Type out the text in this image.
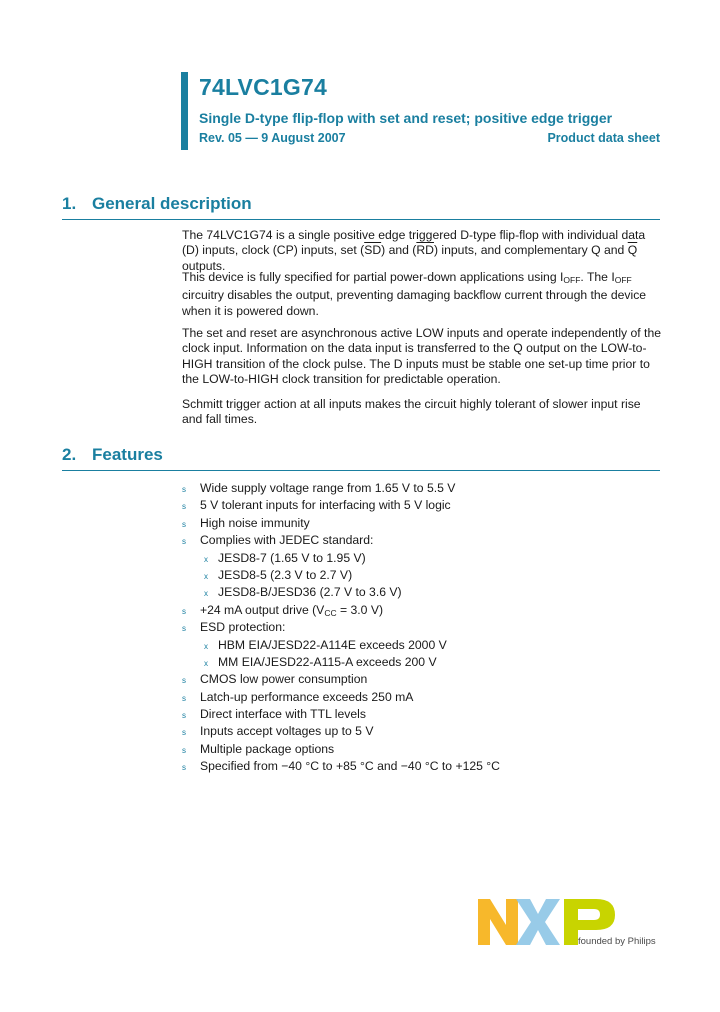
74LVC1G74
Single D-type flip-flop with set and reset; positive edge trigger
Rev. 05 — 9 August 2007	Product data sheet
1. General description
The 74LVC1G74 is a single positive edge triggered D-type flip-flop with individual data (D) inputs, clock (CP) inputs, set $(\overline{SD})$ and $(\overline{RD})$ inputs, and complementary Q and $\overline{Q}$ outputs.
This device is fully specified for partial power-down applications using $I_{OFF}$. The $I_{OFF}$ circuitry disables the output, preventing damaging backflow current through the device when it is powered down.
The set and reset are asynchronous active LOW inputs and operate independently of the clock input. Information on the data input is transferred to the Q output on the LOW-to-HIGH transition of the clock pulse. The D inputs must be stable one set-up time prior to the LOW-to-HIGH clock transition for predictable operation.
Schmitt trigger action at all inputs makes the circuit highly tolerant of slower input rise and fall times.
2. Features
s Wide supply voltage range from 1.65 V to 5.5 V
s 5 V tolerant inputs for interfacing with 5 V logic
s High noise immunity
s Complies with JEDEC standard:
x JESD8-7 (1.65 V to 1.95 V)
x JESD8-5 (2.3 V to 2.7 V)
x JESD8-B/JESD36 (2.7 V to 3.6 V)
s +24 mA output drive ($V_{CC} = 3.0$ V)
s ESD protection:
x HBM EIA/JESD22-A114E exceeds 2000 V
x MM EIA/JESD22-A115-A exceeds 200 V
s CMOS low power consumption
s Latch-up performance exceeds 250 mA
s Direct interface with TTL levels
s Inputs accept voltages up to 5 V
s Multiple package options
s Specified from −40 °C to +85 °C and −40 °C to +125 °C
founded by Philips
